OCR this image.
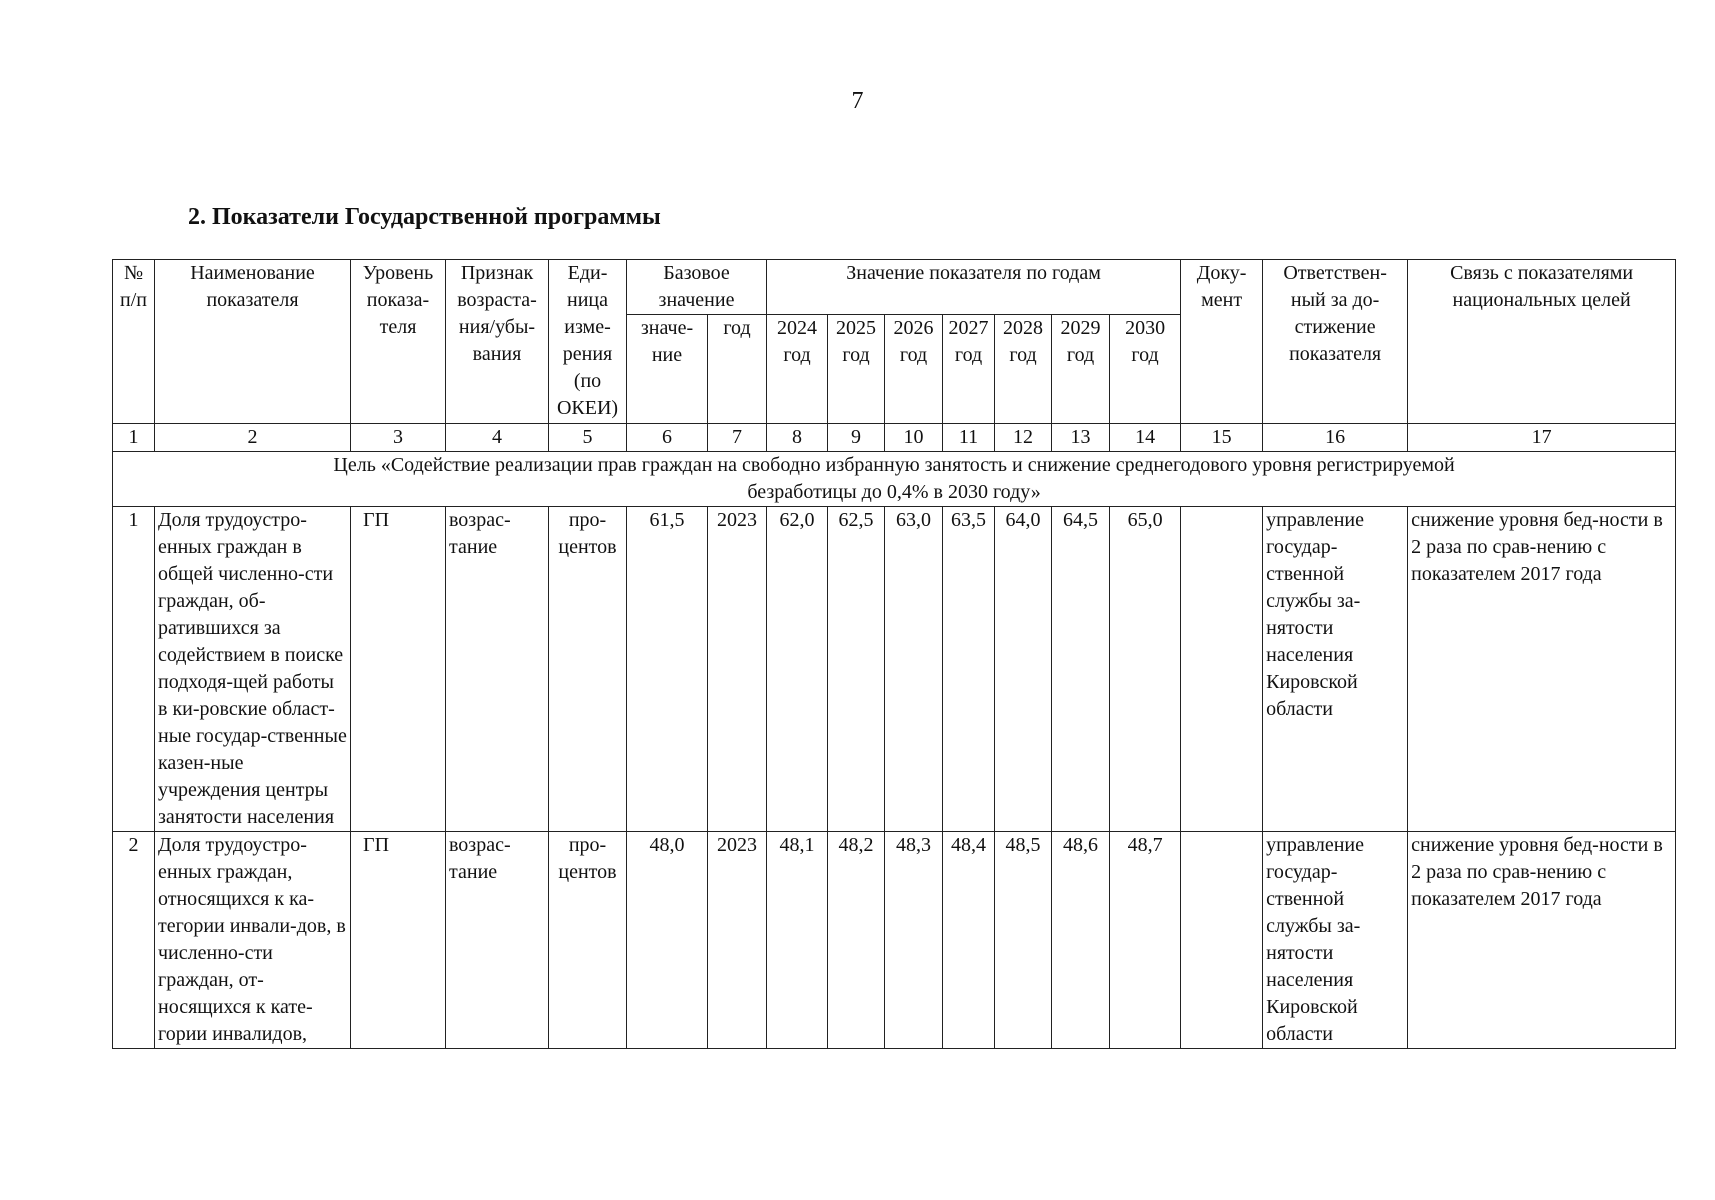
7
2. Показатели Государственной программы
№ п/п	Наименование показателя	Уровень показа-теля	Признак возраста-ния/убы-вания	Еди-ница изме-рения (по ОКЕИ)	Базовое значение		Значение показателя по годам							Доку-мент	Ответствен-ный за до-стижение показателя	Связь с показателями национальных целей
					значе-ние	год	2024 год	2025 год	2026 год	2027 год	2028 год	2029 год	2030 год			
1	2	3	4	5	6	7	8	9	10	11	12	13	14	15	16	17
Цель «Содействие реализации прав граждан на свободно избранную занятость и снижение среднегодового уровня регистрируемой безработицы до 0,4% в 2030 году»																
1	Доля трудоустро-енных граждан в общей численно-сти граждан, об-ратившихся за содействием в поиске подходя-щей работы в ки-ровские област-ные государ-ственные казен-ные учреждения центры занятости населения	ГП	возрас-тание	про-центов	61,5	2023	62,0	62,5	63,0	63,5	64,0	64,5	65,0		управление государ-ственной службы за-нятости населения Кировской области	снижение уровня бед-ности в 2 раза по срав-нению с показателем 2017 года
2	Доля трудоустро-енных граждан, относящихся к ка-тегории инвали-дов, в численно-сти граждан, от-носящихся к кате-гории инвалидов,	ГП	возрас-тание	про-центов	48,0	2023	48,1	48,2	48,3	48,4	48,5	48,6	48,7		управление государ-ственной службы за-нятости населения Кировской области	снижение уровня бед-ности в 2 раза по срав-нению с показателем 2017 года
